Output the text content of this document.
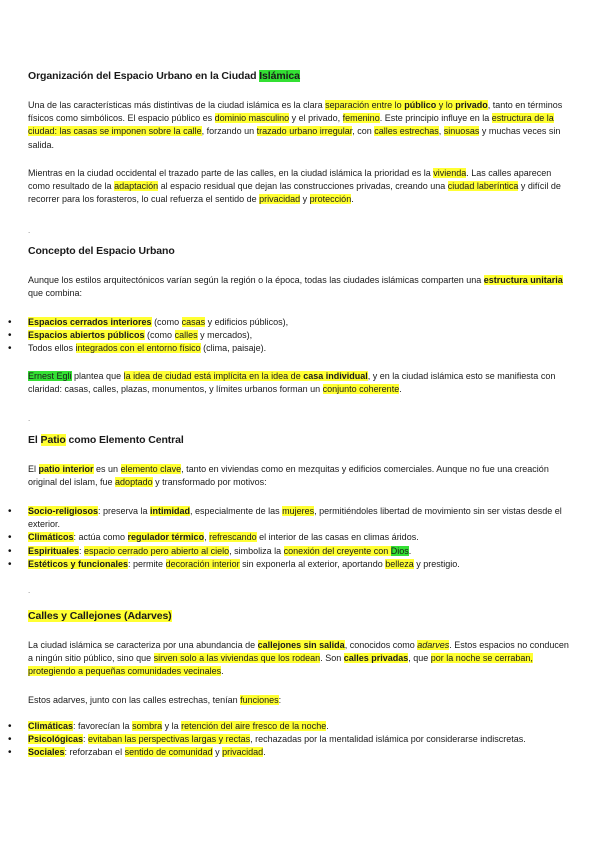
Organización del Espacio Urbano en la Ciudad Islámica
Una de las características más distintivas de la ciudad islámica es la clara separación entre lo público y lo privado, tanto en términos físicos como simbólicos. El espacio público es dominio masculino y el privado, femenino. Este principio influye en la estructura de la ciudad: las casas se imponen sobre la calle, forzando un trazado urbano irregular, con calles estrechas, sinuosas y muchas veces sin salida.
Mientras en la ciudad occidental el trazado parte de las calles, en la ciudad islámica la prioridad es la vivienda. Las calles aparecen como resultado de la adaptación al espacio residual que dejan las construcciones privadas, creando una ciudad laberíntica y difícil de recorrer para los forasteros, lo cual refuerza el sentido de privacidad y protección.
.
Concepto del Espacio Urbano
Aunque los estilos arquitectónicos varían según la región o la época, todas las ciudades islámicas comparten una estructura unitaria que combina:
• Espacios cerrados interiores (como casas y edificios públicos),
• Espacios abiertos públicos (como calles y mercados),
• Todos ellos integrados con el entorno físico (clima, paisaje).
Ernest Egli plantea que la idea de ciudad está implícita en la idea de casa individual, y en la ciudad islámica esto se manifiesta con claridad: casas, calles, plazas, monumentos, y límites urbanos forman un conjunto coherente.
.
El Patio como Elemento Central
El patio interior es un elemento clave, tanto en viviendas como en mezquitas y edificios comerciales. Aunque no fue una creación original del islam, fue adoptado y transformado por motivos:
• Socio-religiosos: preserva la intimidad, especialmente de las mujeres, permitiéndoles libertad de movimiento sin ser vistas desde el exterior.
• Climáticos: actúa como regulador térmico, refrescando el interior de las casas en climas áridos.
• Espirituales: espacio cerrado pero abierto al cielo, simboliza la conexión del creyente con Dios.
• Estéticos y funcionales: permite decoración interior sin exponerla al exterior, aportando belleza y prestigio.
.
Calles y Callejones (Adarves)
La ciudad islámica se caracteriza por una abundancia de callejones sin salida, conocidos como adarves. Estos espacios no conducen a ningún sitio público, sino que sirven solo a las viviendas que los rodean. Son calles privadas, que por la noche se cerraban, protegiendo a pequeñas comunidades vecinales.
Estos adarves, junto con las calles estrechas, tenían funciones:
• Climáticas: favorecían la sombra y la retención del aire fresco de la noche.
• Psicológicas: evitaban las perspectivas largas y rectas, rechazadas por la mentalidad islámica por considerarse indiscretas.
• Sociales: reforzaban el sentido de comunidad y privacidad.
